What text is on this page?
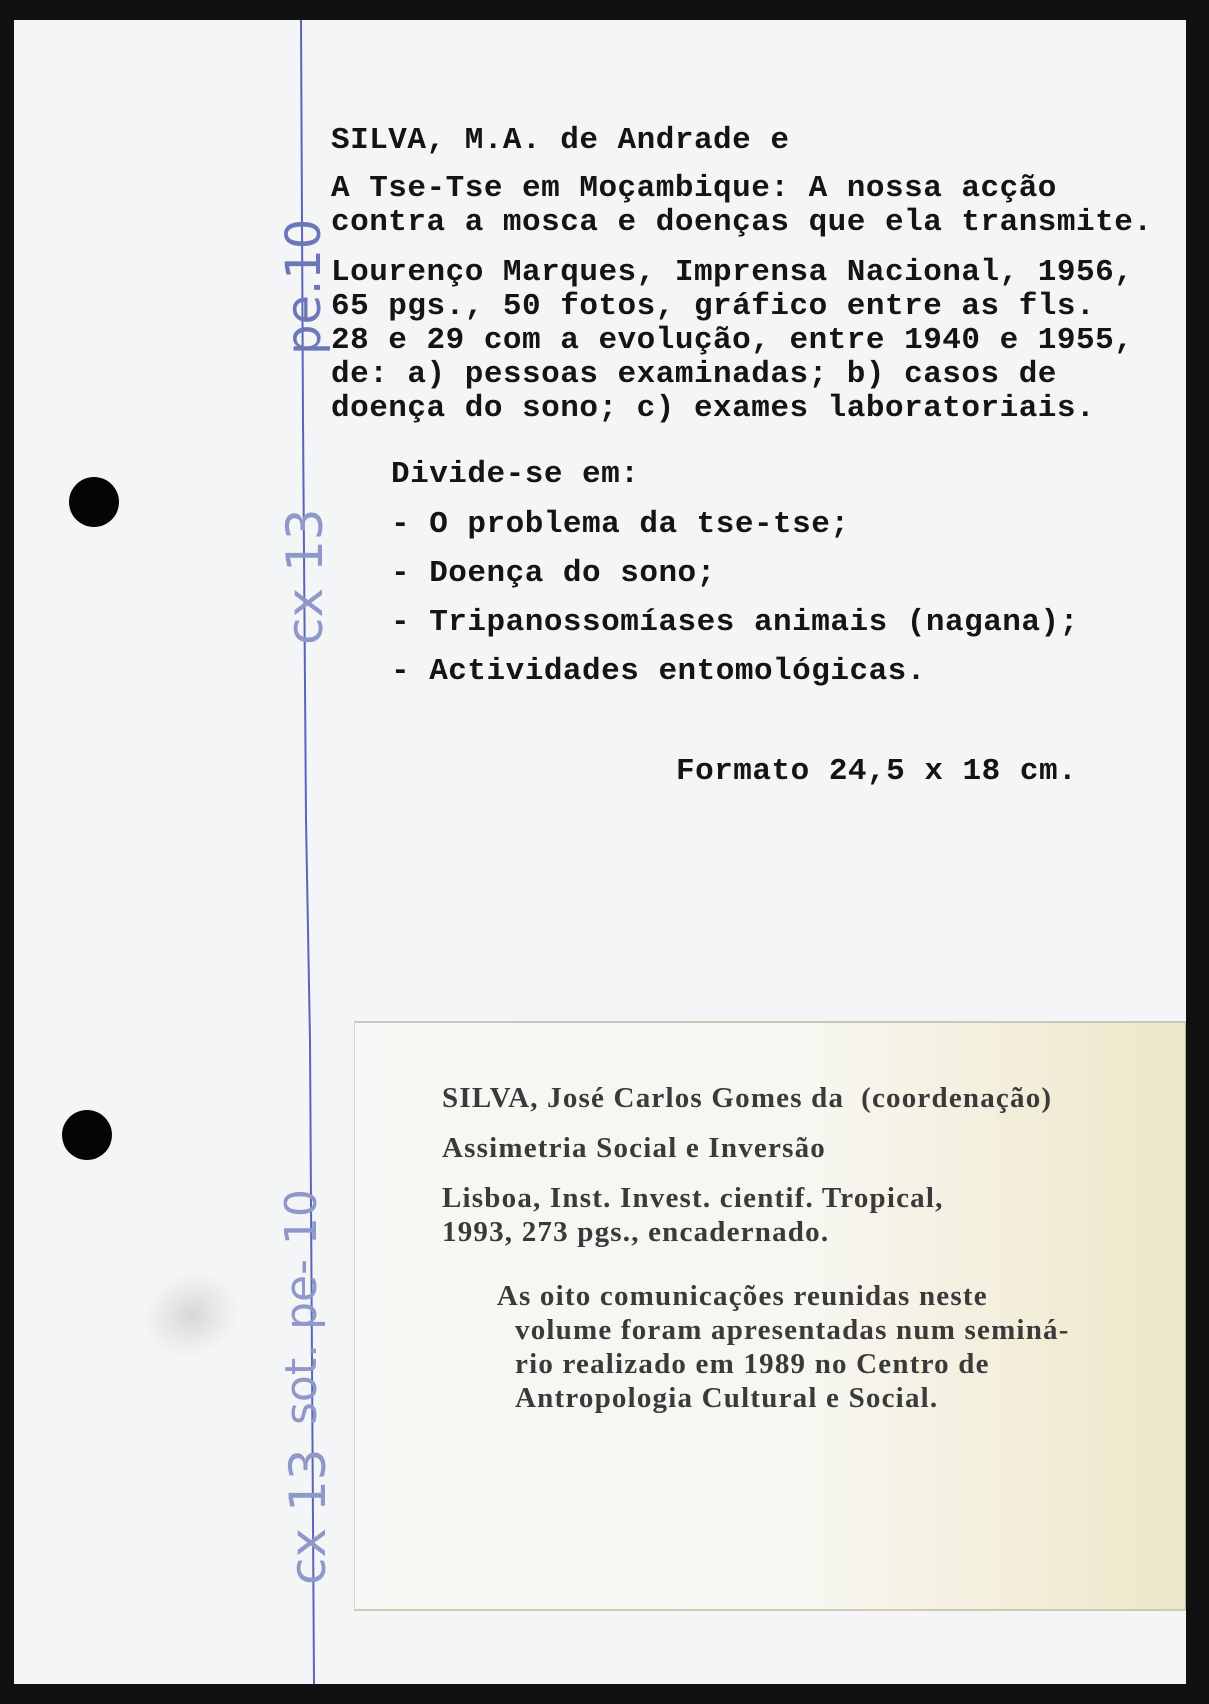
SILVA, M.A. de Andrade e
A Tse-Tse em Moçambique: A nossa acção
contra a mosca e doenças que ela transmite.
Lourenço Marques, Imprensa Nacional, 1956,
65 pgs., 50 fotos, gráfico entre as fls.
28 e 29 com a evolução, entre 1940 e 1955,
de: a) pessoas examinadas; b) casos de
doença do sono; c) exames laboratoriais.
Divide-se em:
- O problema da tse-tse;
- Doença do sono;
- Tripanossomíases animais (nagana);
- Actividades entomológicas.
Formato 24,5 x 18 cm.
pe.10
cx 13
sot. pe- 10
cx 13
SILVA, José Carlos Gomes da  (coordenação)
Assimetria Social e Inversão
Lisboa, Inst. Invest. cientif. Tropical,
1993, 273 pgs., encadernado.
As oito comunicações reunidas neste
volume foram apresentadas num seminá-
rio realizado em 1989 no Centro de
Antropologia Cultural e Social.
